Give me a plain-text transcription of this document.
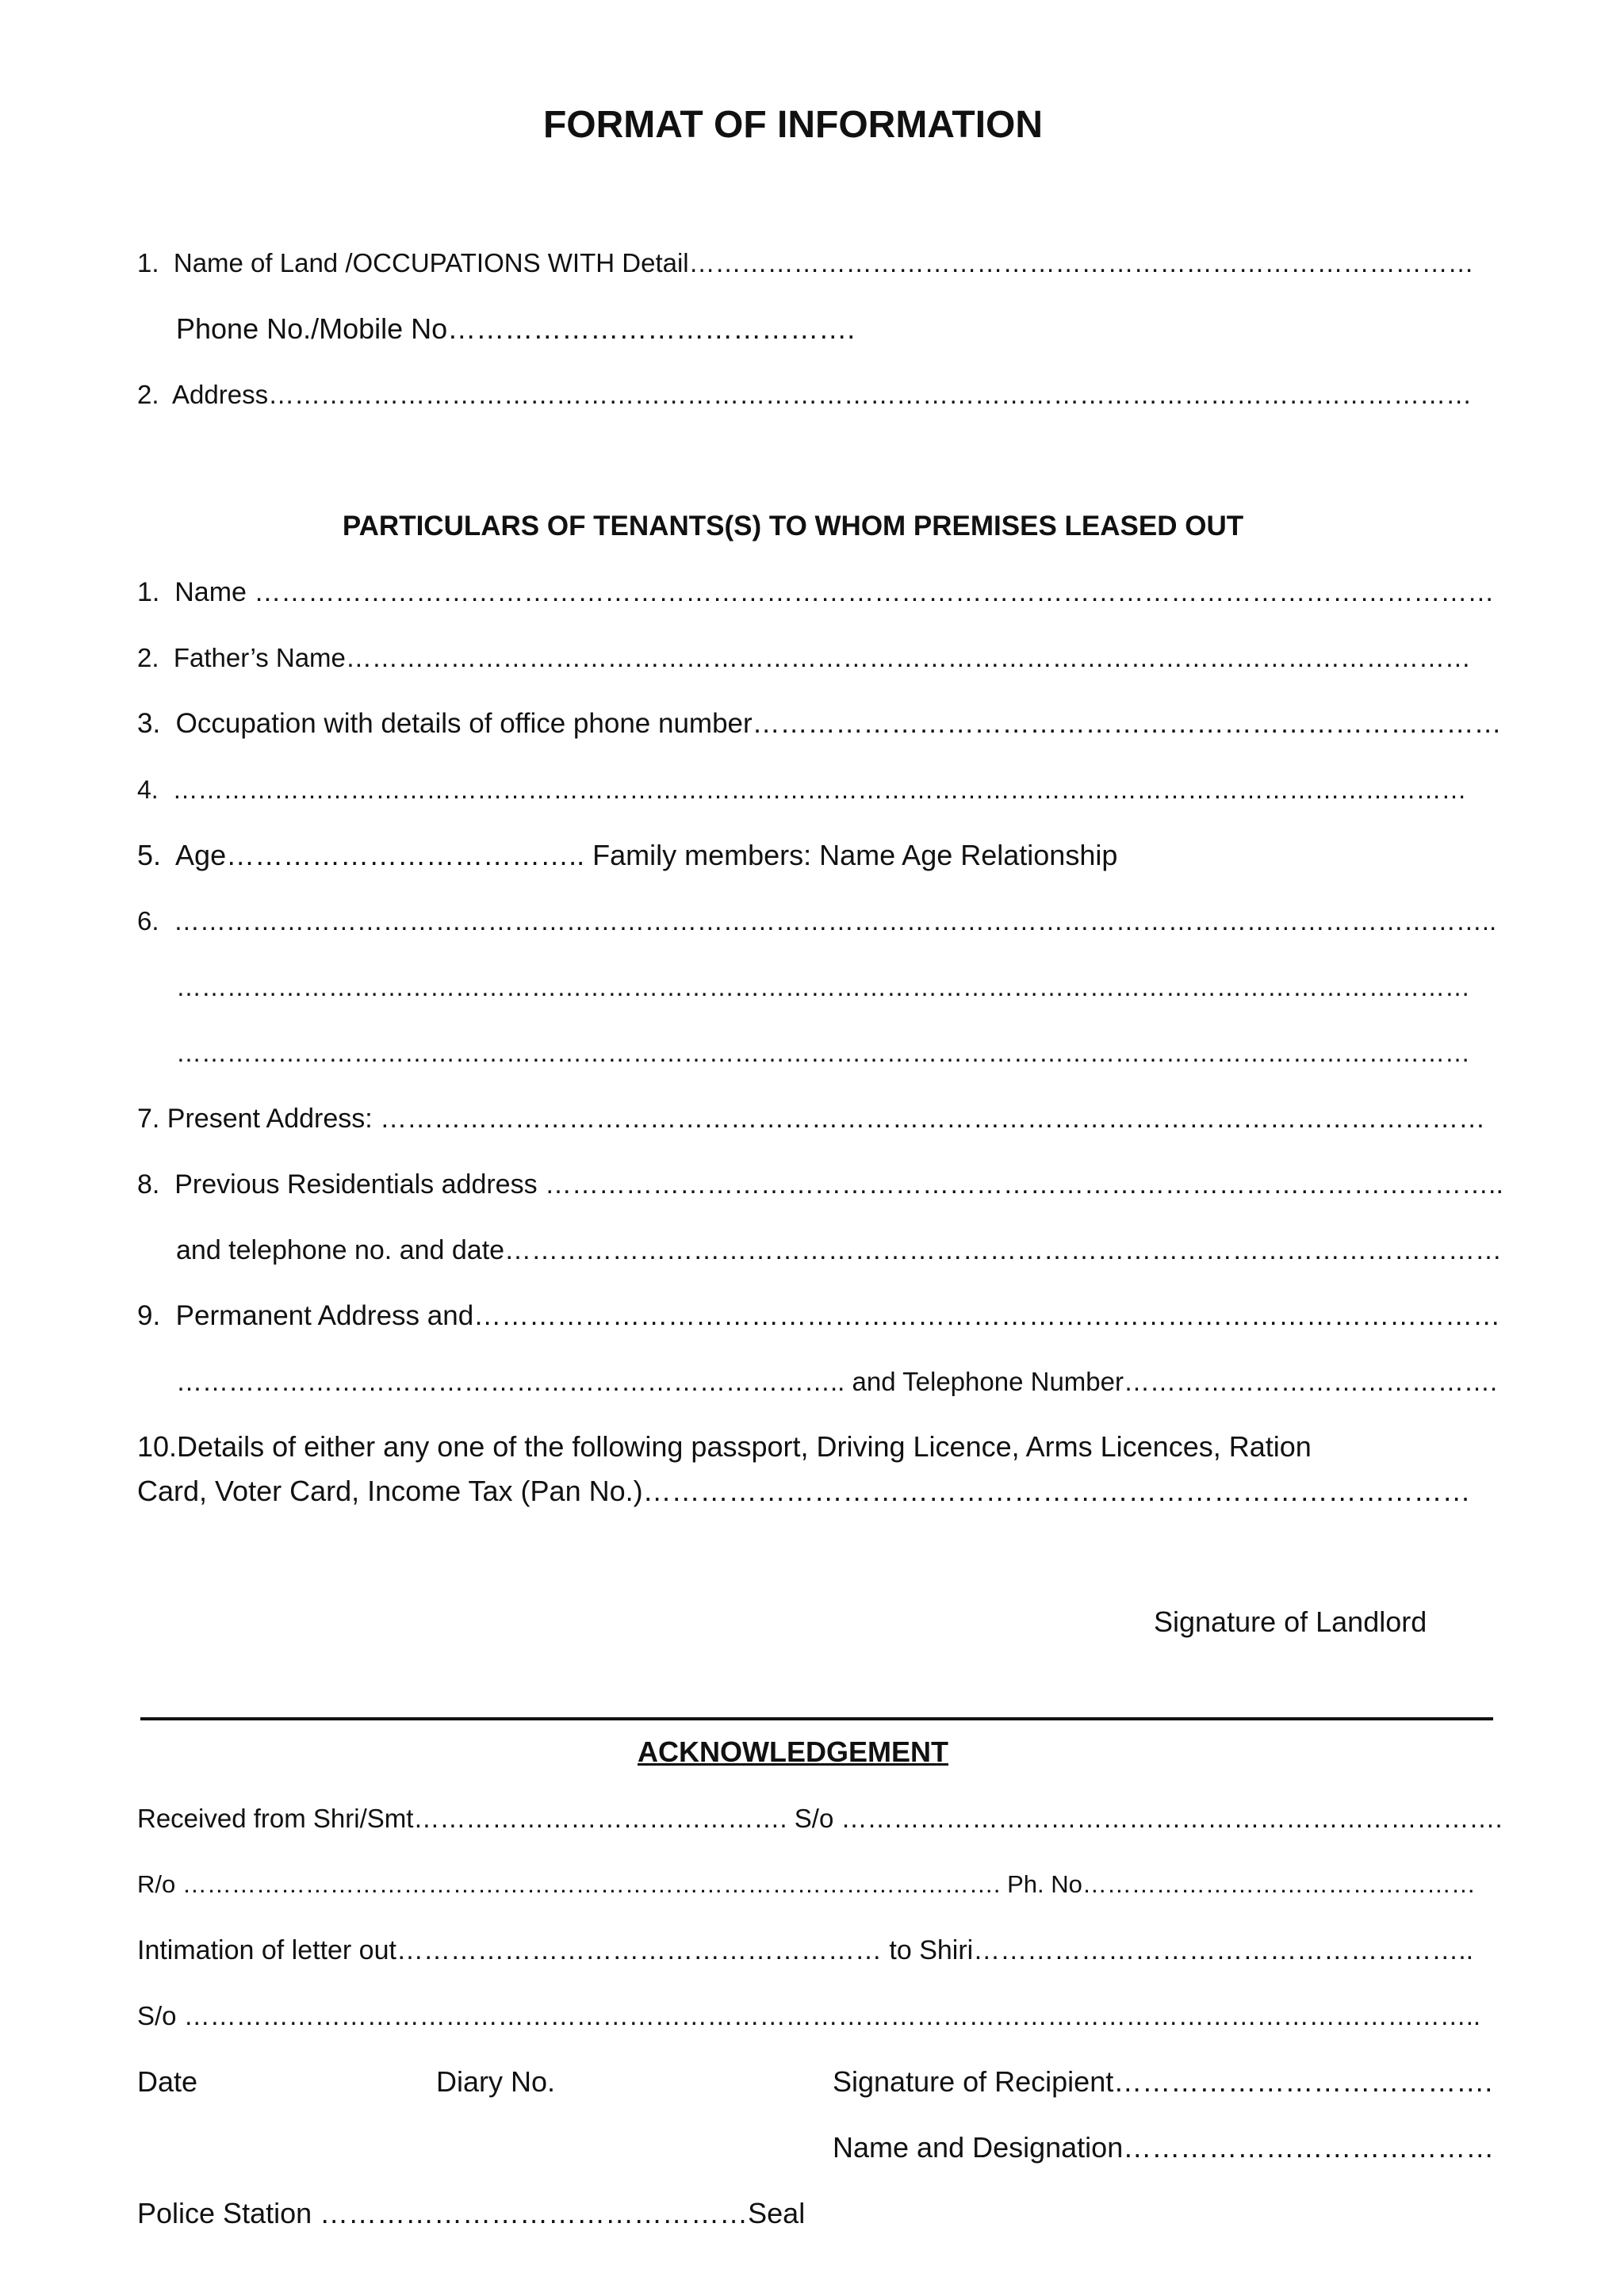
FORMAT OF INFORMATION
1.  Name of Land /OCCUPATIONS WITH Detail………………………………………………………………………………
Phone No./Mobile No…………………………………….
2.  Address…………………………………………………………………………………………………………………………
PARTICULARS OF TENANTS(S) TO WHOM PREMISES LEASED OUT
1.  Name …………………………………………………………………………………………………………………………
2.  Father’s Name…………………………………………………………………………………………………………………
3.  Occupation with details of office phone number………………………………………………………………………
4.  ………………………………………………………………………………………………………………………………………
5.  Age……………………………….. Family members: Name Age Relationship
6.  ……………………………………………………………………………………………………………………………………..
………………………………………………………………………………………………………………………………………
………………………………………………………………………………………………………………………………………
7. Present Address: ……………………………………………………………………………………………………………
8.  Previous Residentials address ……………………………………………………………………………………………..
and telephone no. and date…………………………………………………………………………………………………
9.  Permanent Address and…………………………………………………………………………………………………
………………………………………………………………….. and Telephone Number…………………………………….
10.Details of either any one of the following passport, Driving Licence, Arms Licences, Ration
Card, Voter Card, Income Tax (Pan No.)……………………………………………………………………………
Signature of Landlord
ACKNOWLEDGEMENT
Received from Shri/Smt……………………………………. S/o ………………………………………………………………….
R/o ………………………………………………………………………………………. Ph. No…………………………………………
Intimation of letter out……………………………………………… to Shiri………………………………………………..
S/o …………………………………………………………………………………………………………………………………..
Date	Diary No.	Signature of Recipient………………………………….
Name and Designation…………………………………
Police Station ………………………………………Seal
